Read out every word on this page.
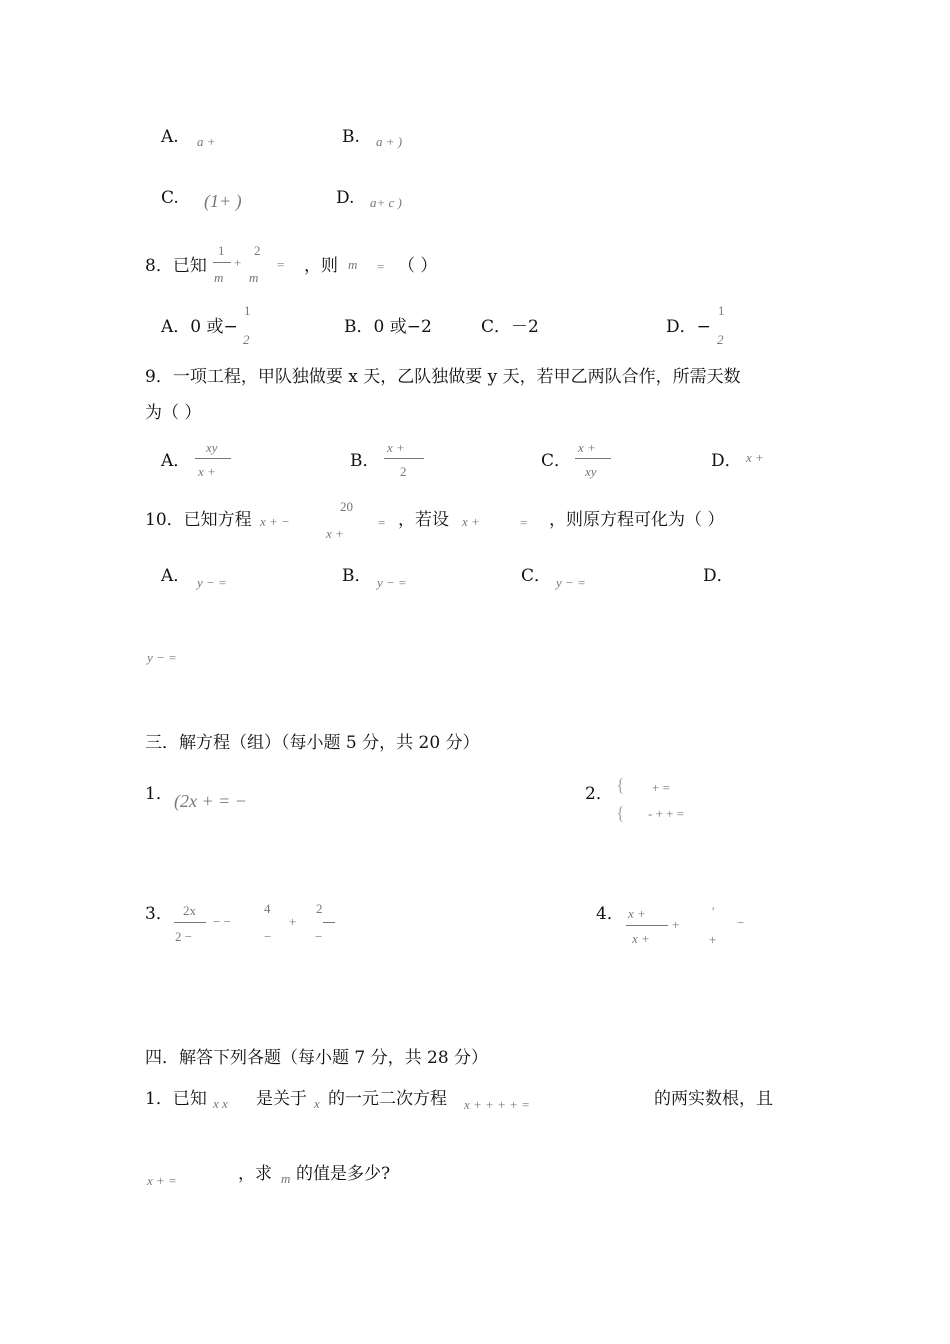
A. a +	B. a + )
C. (1+ )	D. a+ c )
8．已知
1
m
+
2
m
= ，则 m = （ ）
A．0 或−
1
2
B．0 或−2	C．－2	D．−
1
2
9．一项工程，甲队独做要 x 天，乙队独做要 y 天，若甲乙两队合作，所需天数
为（ ）
A．
xy
x +
B．
x +
2
C．
x +
xy
D． x +
10．已知方程 x + −
20
x +
= ，若设 x +	= ，则原方程可化为（ ）
A． y − =	B． y − =	C． y − =	D．
y − =
三．解方程（组）（每小题 5 分，共 20 分）
1． (2x + = −	2． {
{
+ =
- + + =
3． 2x
2 −
− −
4
−
+
2
−
4． x +
x +
+
'
+
−
四．解答下列各题（每小题 7 分，共 28 分）
1．已知 x x 是关于 x 的一元二次方程 x + + + + =	的两实数根，且
x + =	，求 m 的值是多少?
